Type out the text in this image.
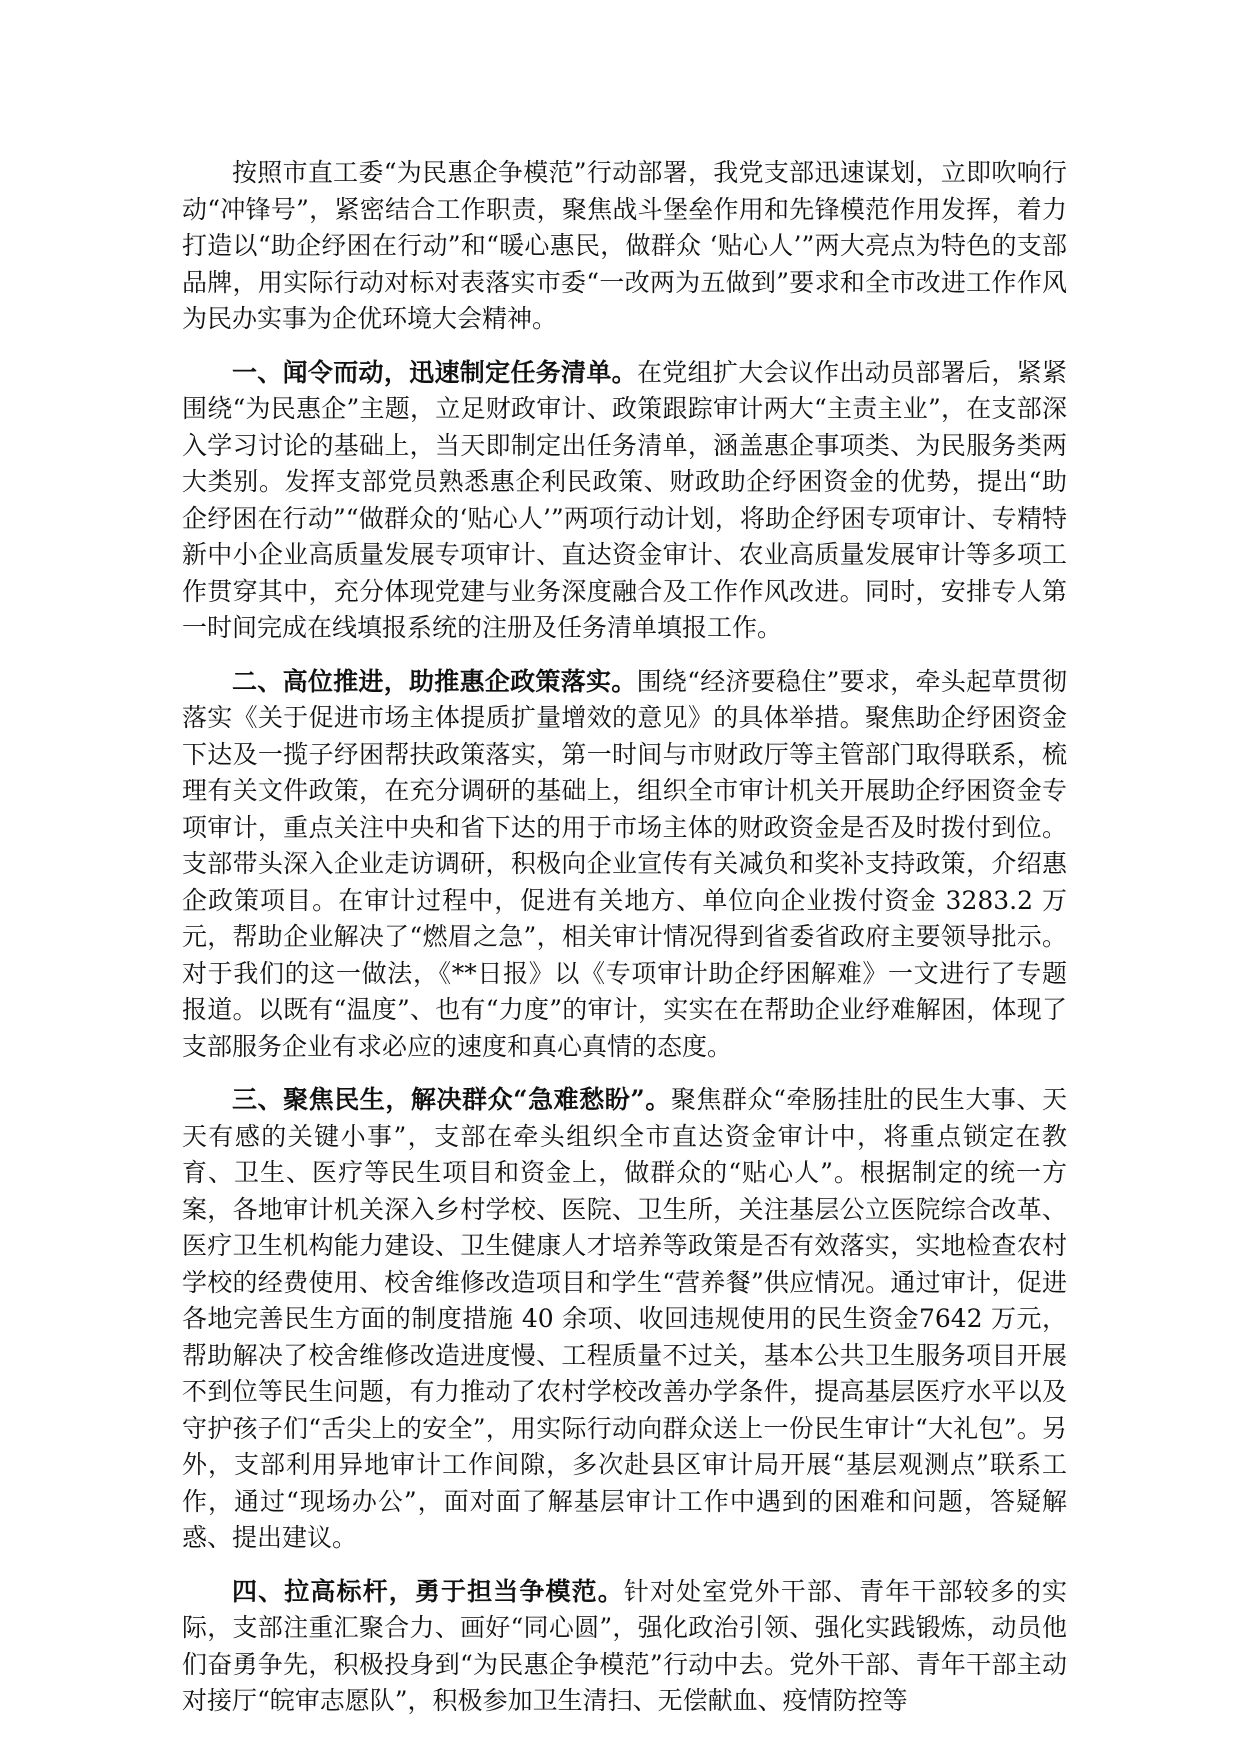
按照市直工委“为民惠企争模范”行动部署，我党支部迅速谋划，立即吹响行动“冲锋号”，紧密结合工作职责，聚焦战斗堡垒作用和先锋模范作用发挥，着力打造以“助企纾困在行动”和“暖心惠民，做群众 ‘贴心人’”两大亮点为特色的支部品牌，用实际行动对标对表落实市委“一改两为五做到”要求和全市改进工作作风为民办实事为企优环境大会精神。

一、闻令而动，迅速制定任务清单。在党组扩大会议作出动员部署后，紧紧围绕“为民惠企”主题，立足财政审计、政策跟踪审计两大“主责主业”，在支部深入学习讨论的基础上，当天即制定出任务清单，涵盖惠企事项类、为民服务类两大类别。发挥支部党员熟悉惠企利民政策、财政助企纾困资金的优势，提出“助企纾困在行动”“做群众的‘贴心人’”两项行动计划，将助企纾困专项审计、专精特新中小企业高质量发展专项审计、直达资金审计、农业高质量发展审计等多项工作贯穿其中，充分体现党建与业务深度融合及工作作风改进。同时，安排专人第一时间完成在线填报系统的注册及任务清单填报工作。

二、高位推进，助推惠企政策落实。围绕“经济要稳住”要求，牵头起草贯彻落实《关于促进市场主体提质扩量增效的意见》的具体举措。聚焦助企纾困资金下达及一揽子纾困帮扶政策落实，第一时间与市财政厅等主管部门取得联系，梳理有关文件政策，在充分调研的基础上，组织全市审计机关开展助企纾困资金专项审计，重点关注中央和省下达的用于市场主体的财政资金是否及时拨付到位。支部带头深入企业走访调研，积极向企业宣传有关减负和奖补支持政策，介绍惠企政策项目。在审计过程中，促进有关地方、单位向企业拨付资金 3283.2 万元，帮助企业解决了“燃眉之急”，相关审计情况得到省委省政府主要领导批示。对于我们的这一做法，《**日报》以《专项审计助企纾困解难》一文进行了专题报道。以既有“温度”、也有“力度”的审计，实实在在帮助企业纾难解困，体现了支部服务企业有求必应的速度和真心真情的态度。

三、聚焦民生，解决群众“急难愁盼”。聚焦群众“牵肠挂肚的民生大事、天天有感的关键小事”，支部在牵头组织全市直达资金审计中，将重点锁定在教育、卫生、医疗等民生项目和资金上，做群众的“贴心人”。根据制定的统一方案，各地审计机关深入乡村学校、医院、卫生所，关注基层公立医院综合改革、医疗卫生机构能力建设、卫生健康人才培养等政策是否有效落实，实地检查农村学校的经费使用、校舍维修改造项目和学生“营养餐”供应情况。通过审计，促进各地完善民生方面的制度措施 40 余项、收回违规使用的民生资金7642 万元，帮助解决了校舍维修改造进度慢、工程质量不过关，基本公共卫生服务项目开展不到位等民生问题，有力推动了农村学校改善办学条件，提高基层医疗水平以及守护孩子们“舌尖上的安全”，用实际行动向群众送上一份民生审计“大礼包”。另外，支部利用异地审计工作间隙，多次赴县区审计局开展“基层观测点”联系工作，通过“现场办公”，面对面了解基层审计工作中遇到的困难和问题，答疑解惑、提出建议。

四、拉高标杆，勇于担当争模范。针对处室党外干部、青年干部较多的实际，支部注重汇聚合力、画好“同心圆”，强化政治引领、强化实践锻炼，动员他们奋勇争先，积极投身到“为民惠企争模范”行动中去。党外干部、青年干部主动对接厅“皖审志愿队”，积极参加卫生清扫、无偿献血、疫情防控等
